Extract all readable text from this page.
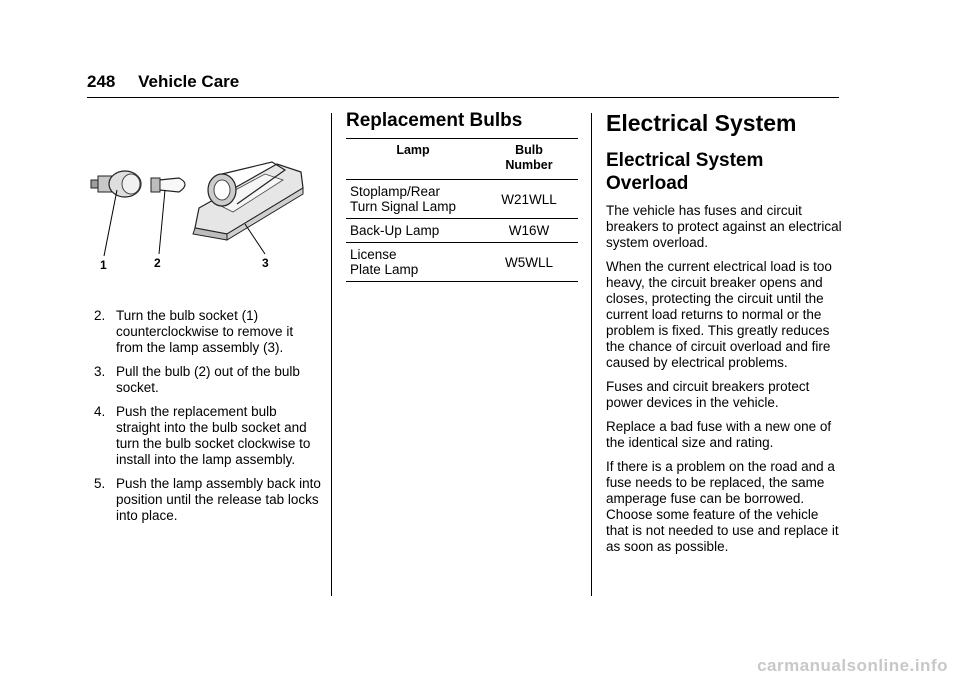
248 Vehicle Care
1	2	3
2. Turn the bulb socket (1) counterclockwise to remove it from the lamp assembly (3).
3. Pull the bulb (2) out of the bulb socket.
4. Push the replacement bulb straight into the bulb socket and turn the bulb socket clockwise to install into the lamp assembly.
5. Push the lamp assembly back into position until the release tab locks into place.
Replacement Bulbs
Lamp	Bulb
Number
Stoplamp/Rear
Turn Signal Lamp	W21WLL
Back-Up Lamp	W16W
License
Plate Lamp	W5WLL
Electrical System
Electrical System Overload

The vehicle has fuses and circuit breakers to protect against an electrical system overload.

When the current electrical load is too heavy, the circuit breaker opens and closes, protecting the circuit until the current load returns to normal or the problem is fixed. This greatly reduces the chance of circuit overload and fire caused by electrical problems.

Fuses and circuit breakers protect power devices in the vehicle.

Replace a bad fuse with a new one of the identical size and rating.

If there is a problem on the road and a fuse needs to be replaced, the same amperage fuse can be borrowed. Choose some feature of the vehicle that is not needed to use and replace it as soon as possible.

carmanualsonline.info
